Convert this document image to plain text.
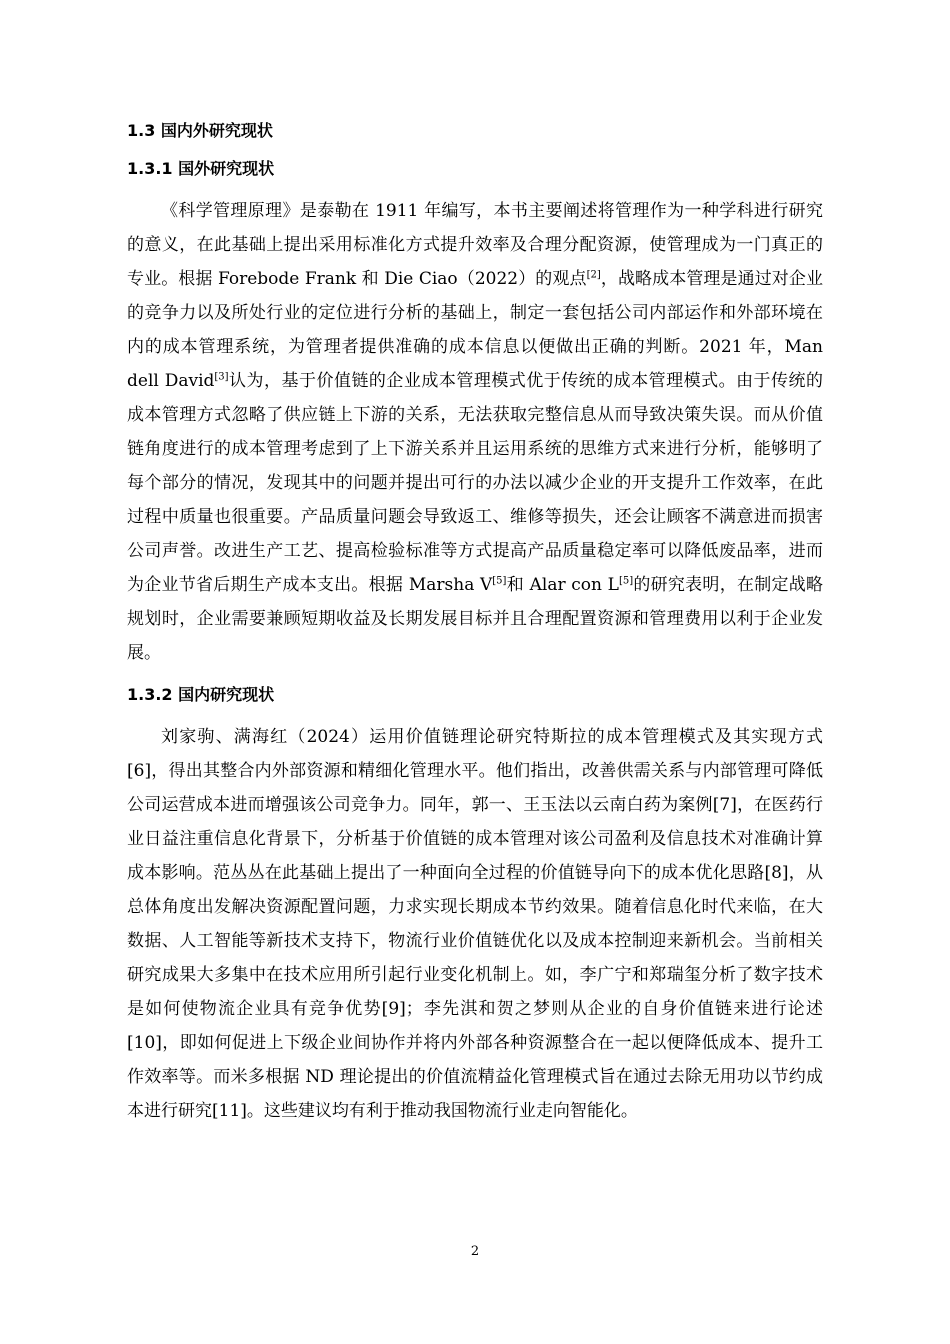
1.3 国内外研究现状
1.3.1 国外研究现状

《科学管理原理》是泰勒在 1911 年编写，本书主要阐述将管理作为一种学科进行研究的意义，在此基础上提出采用标准化方式提升效率及合理分配资源，使管理成为一门真正的专业。根据 Forebode Frank 和 Die Ciao（2022）的观点[2]，战略成本管理是通过对企业的竞争力以及所处行业的定位进行分析的基础上，制定一套包括公司内部运作和外部环境在内的成本管理系统，为管理者提供准确的成本信息以便做出正确的判断。2021 年，Man dell David[3]认为，基于价值链的企业成本管理模式优于传统的成本管理模式。由于传统的成本管理方式忽略了供应链上下游的关系，无法获取完整信息从而导致决策失误。而从价值链角度进行的成本管理考虑到了上下游关系并且运用系统的思维方式来进行分析，能够明了每个部分的情况，发现其中的问题并提出可行的办法以减少企业的开支提升工作效率，在此过程中质量也很重要。产品质量问题会导致返工、维修等损失，还会让顾客不满意进而损害公司声誉。改进生产工艺、提高检验标准等方式提高产品质量稳定率可以降低废品率，进而为企业节省后期生产成本支出。根据 Marsha V[5]和 Alar con L[5]的研究表明，在制定战略规划时，企业需要兼顾短期收益及长期发展目标并且合理配置资源和管理费用以利于企业发展。

1.3.2 国内研究现状

刘家驹、满海红（2024）运用价值链理论研究特斯拉的成本管理模式及其实现方式[6]，得出其整合内外部资源和精细化管理水平。他们指出，改善供需关系与内部管理可降低公司运营成本进而增强该公司竞争力。同年，郭一、王玉法以云南白药为案例[7]，在医药行业日益注重信息化背景下，分析基于价值链的成本管理对该公司盈利及信息技术对准确计算成本影响。范丛丛在此基础上提出了一种面向全过程的价值链导向下的成本优化思路[8]，从总体角度出发解决资源配置问题，力求实现长期成本节约效果。随着信息化时代来临，在大数据、人工智能等新技术支持下，物流行业价值链优化以及成本控制迎来新机会。当前相关研究成果大多集中在技术应用所引起行业变化机制上。如，李广宁和郑瑞玺分析了数字技术是如何使物流企业具有竞争优势[9]；李先淇和贺之梦则从企业的自身价值链来进行论述[10]，即如何促进上下级企业间协作并将内外部各种资源整合在一起以便降低成本、提升工作效率等。而米多根据 ND 理论提出的价值流精益化管理模式旨在通过去除无用功以节约成本进行研究[11]。这些建议均有利于推动我国物流行业走向智能化。

2
